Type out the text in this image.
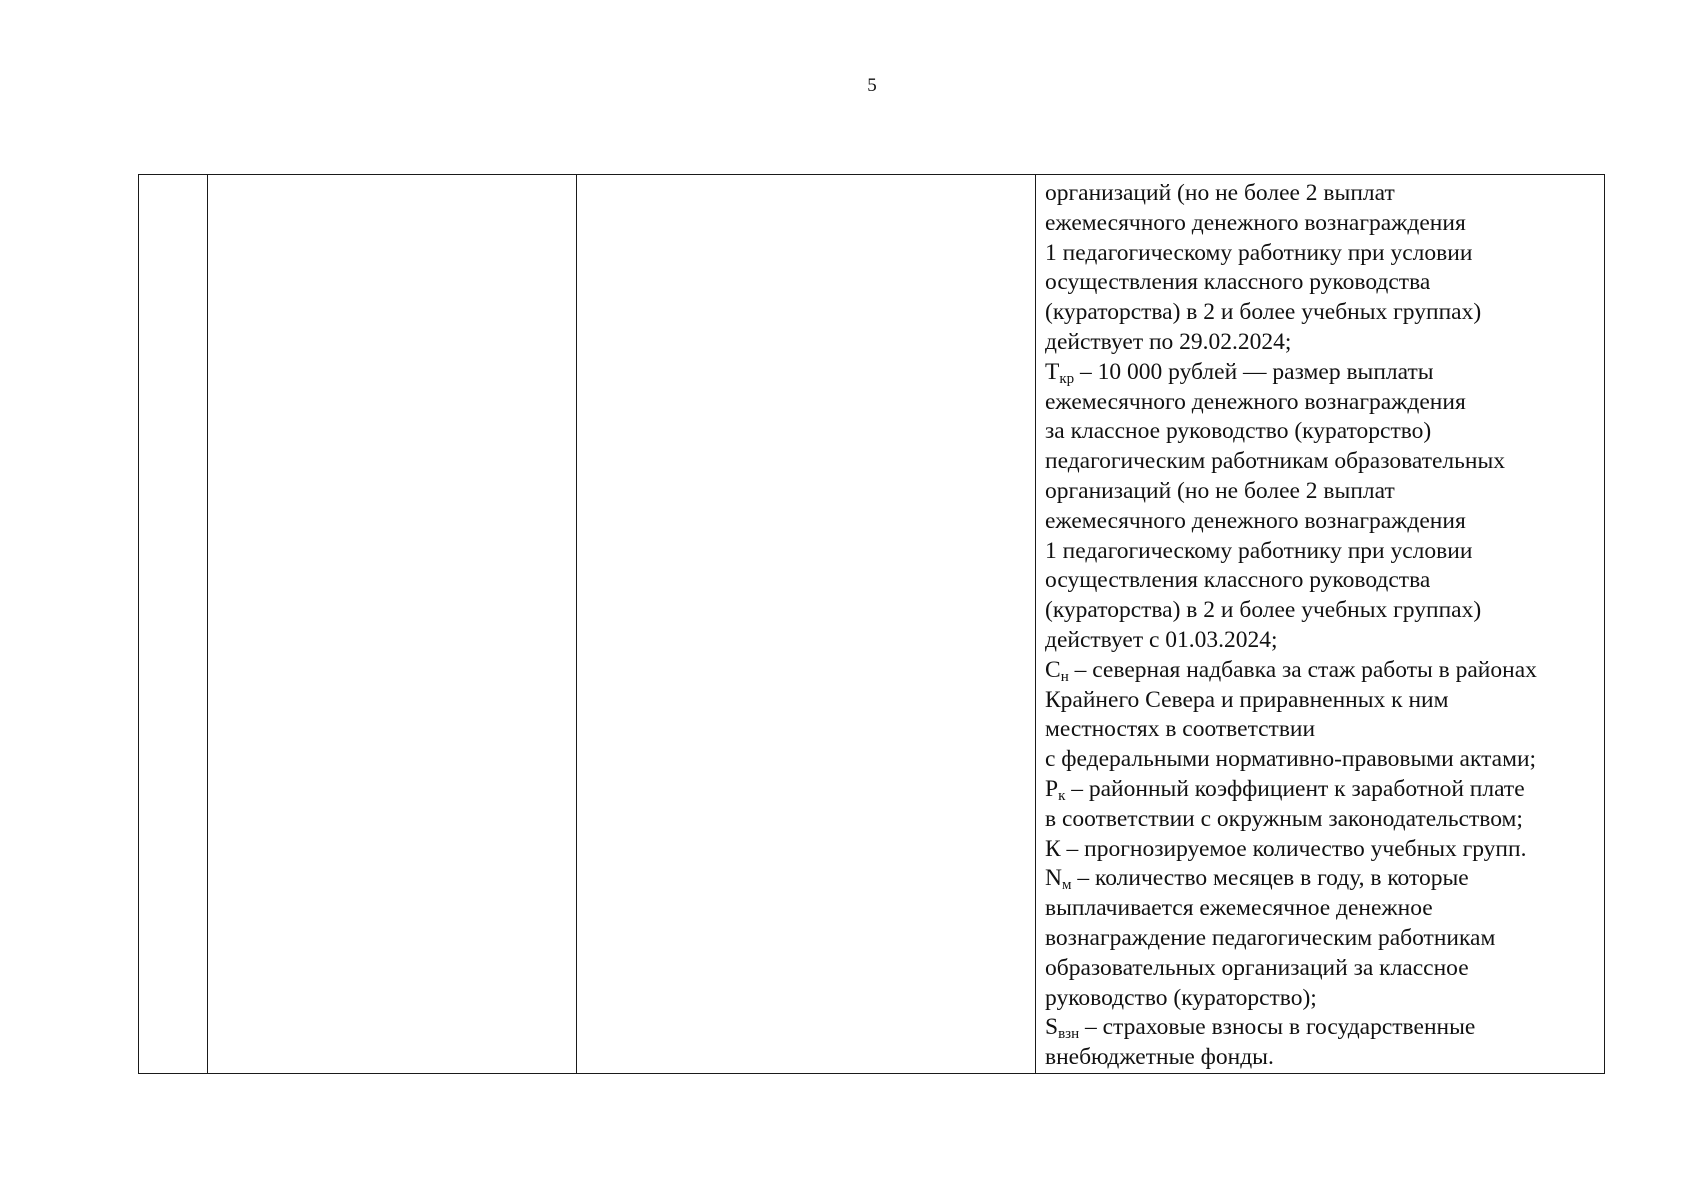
5

организаций (но не более 2 выплат
ежемесячного денежного вознаграждения
1 педагогическому работнику при условии
осуществления классного руководства
(кураторства) в 2 и более учебных группах)
действует по 29.02.2024;
$Т_{кр} - 10$ 000 рублей — размер выплаты
ежемесячного денежного вознаграждения
за классное руководство (кураторство)
педагогическим работникам образовательных
организаций (но не более 2 выплат
ежемесячного денежного вознаграждения
1 педагогическому работнику при условии
осуществления классного руководства
(кураторства) в 2 и более учебных группах)
действует с 01.03.2024;
$С_н$ – северная надбавка за стаж работы в районах
Крайнего Севера и приравненных к ним
местностях в соответствии
с федеральными нормативно-правовыми актами;
$Р_к$ – районный коэффициент к заработной плате
в соответствии с окружным законодательством;
К – прогнозируемое количество учебных групп.
$N_м$ – количество месяцев в году, в которые
выплачивается ежемесячное денежное
вознаграждение педагогическим работникам
образовательных организаций за классное
руководство (кураторство);
$S_{взн}$ – страховые взносы в государственные
внебюджетные фонды.
